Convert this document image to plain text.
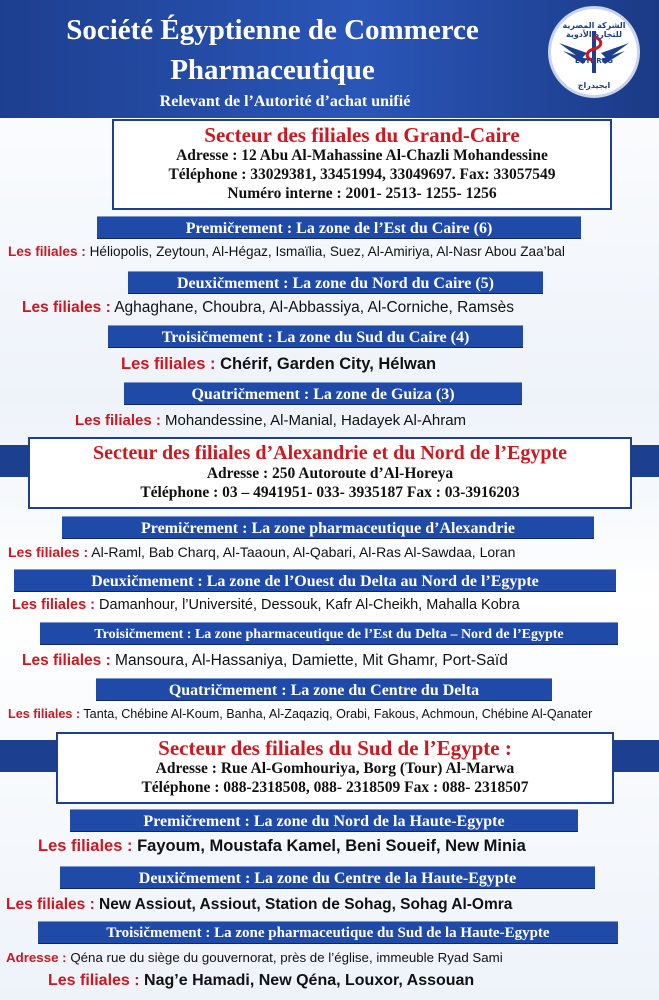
Société Égyptienne de Commerce
Pharmaceutique
Relevant de l’Autorité d’achat unifié
الشركة المصرية للتجارة الأدوية
EGYDRUG
ايجيدراج
Secteur des filiales du Grand-Caire
Adresse : 12 Abu Al-Mahassine Al-Chazli Mohandessine
Téléphone : 33029381, 33451994, 33049697. Fax: 33057549
Numéro interne : 2001- 2513- 1255- 1256
Premičrement : La zone de l’Est du Caire (6)
Les filiales : Héliopolis, Zeytoun, Al-Hégaz, Ismaïlia, Suez, Al-Amiriya, Al-Nasr Abou Zaa’bal
Deuxičmement : La zone du Nord du Caire (5)
Les filiales : Aghaghane, Choubra, Al-Abbassiya, Al-Corniche, Ramsès
Troisičmement : La zone du Sud du Caire (4)
Les filiales : Chérif, Garden City, Hélwan
Quatričmement : La zone de Guiza (3)
Les filiales : Mohandessine, Al-Manial, Hadayek Al-Ahram
Secteur des filiales d’Alexandrie et du Nord de l’Egypte
Adresse : 250 Autoroute d’Al-Horeya
Téléphone : 03 – 4941951- 033- 3935187 Fax : 03-3916203
Premičrement : La zone pharmaceutique d’Alexandrie
Les filiales : Al-Raml, Bab Charq, Al-Taaoun, Al-Qabari, Al-Ras Al-Sawdaa, Loran
Deuxičmement : La zone de l’Ouest du Delta au Nord de l’Egypte
Les filiales : Damanhour, l’Université, Dessouk, Kafr Al-Cheikh, Mahalla Kobra
Troisičmement : La zone pharmaceutique de l’Est du Delta – Nord de l’Egypte
Les filiales : Mansoura, Al-Hassaniya, Damiette, Mit Ghamr, Port-Saïd
Quatričmement : La zone du Centre du Delta
Les filiales : Tanta, Chébine Al-Koum, Banha, Al-Zaqaziq, Orabi, Fakous, Achmoun, Chébine Al-Qanater
Secteur des filiales du Sud de l’Egypte :
Adresse : Rue Al-Gomhouriya, Borg (Tour) Al-Marwa
Téléphone : 088-2318508, 088- 2318509 Fax : 088- 2318507
Premičrement : La zone du Nord de la Haute-Egypte
Les filiales : Fayoum, Moustafa Kamel, Beni Soueif, New Minia
Deuxičmement : La zone du Centre de la Haute-Egypte
Les filiales : New Assiout, Assiout, Station de Sohag, Sohag Al-Omra
Troisičmement : La zone pharmaceutique du Sud de la Haute-Egypte
Adresse : Qéna rue du siège du gouvernorat, près de l’église, immeuble Ryad Sami
Les filiales : Nag’e Hamadi, New Qéna, Louxor, Assouan
